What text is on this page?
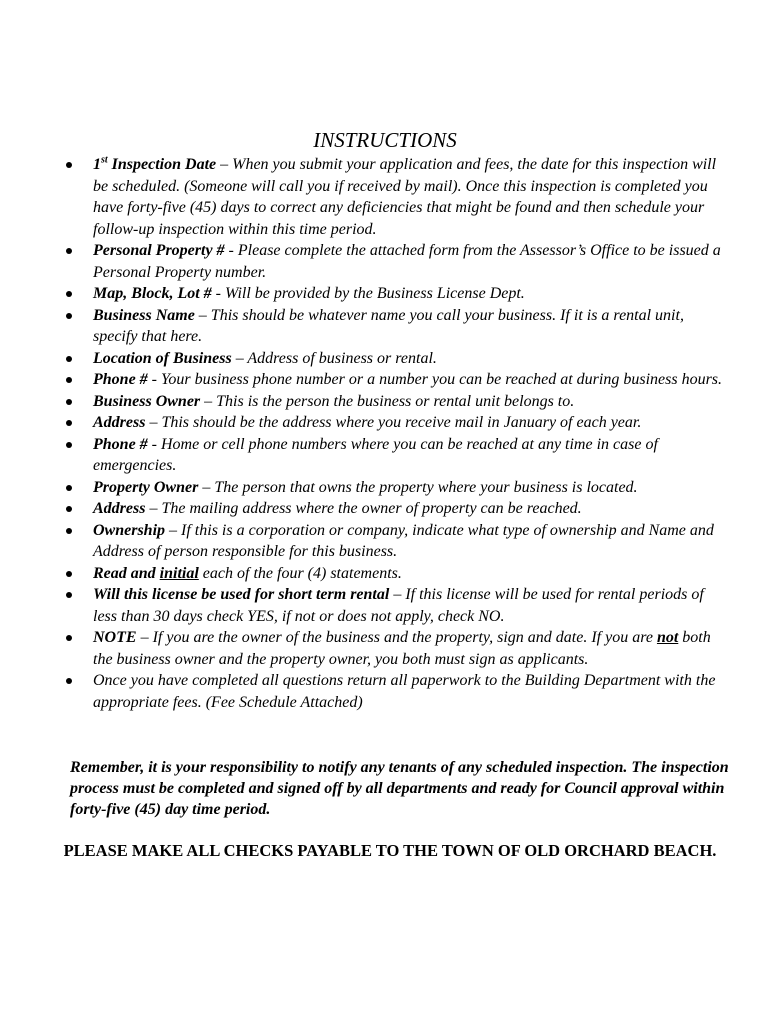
INSTRUCTIONS
1st Inspection Date – When you submit your application and fees, the date for this inspection will be scheduled. (Someone will call you if received by mail). Once this inspection is completed you have forty-five (45) days to correct any deficiencies that might be found and then schedule your follow-up inspection within this time period.
Personal Property # - Please complete the attached form from the Assessor’s Office to be issued a Personal Property number.
Map, Block, Lot # - Will be provided by the Business License Dept.
Business Name – This should be whatever name you call your business. If it is a rental unit, specify that here.
Location of Business – Address of business or rental.
Phone # - Your business phone number or a number you can be reached at during business hours.
Business Owner – This is the person the business or rental unit belongs to.
Address – This should be the address where you receive mail in January of each year.
Phone # - Home or cell phone numbers where you can be reached at any time in case of emergencies.
Property Owner – The person that owns the property where your business is located.
Address – The mailing address where the owner of property can be reached.
Ownership – If this is a corporation or company, indicate what type of ownership and Name and Address of person responsible for this business.
Read and initial each of the four (4) statements.
Will this license be used for short term rental – If this license will be used for rental periods of less than 30 days check YES, if not or does not apply, check NO.
NOTE – If you are the owner of the business and the property, sign and date. If you are not both the business owner and the property owner, you both must sign as applicants.
Once you have completed all questions return all paperwork to the Building Department with the appropriate fees. (Fee Schedule Attached)

Remember, it is your responsibility to notify any tenants of any scheduled inspection. The inspection process must be completed and signed off by all departments and ready for Council approval within forty-five (45) day time period.

PLEASE MAKE ALL CHECKS PAYABLE TO THE TOWN OF OLD ORCHARD BEACH.
